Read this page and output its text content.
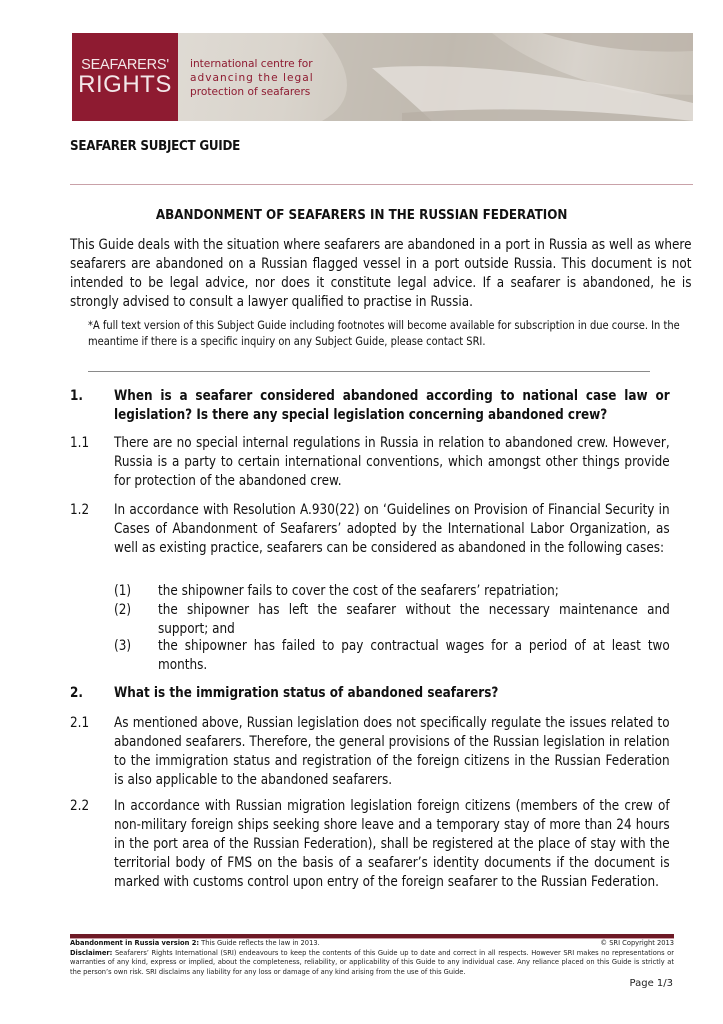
SEAFARERS'
RIGHTS
international centre for
advancing the legal
protection of seafarers
SEAFARER SUBJECT GUIDE
ABANDONMENT OF SEAFARERS IN THE RUSSIAN FEDERATION
This Guide deals with the situation where seafarers are abandoned in a port in Russia as well as where seafarers are abandoned on a Russian flagged vessel in a port outside Russia. This document is not intended to be legal advice, nor does it constitute legal advice. If a seafarer is abandoned, he is strongly advised to consult a lawyer qualified to practise in Russia.
*A full text version of this Subject Guide including footnotes will become available for subscription in due course. In the meantime if there is a specific inquiry on any Subject Guide, please contact SRI.
1. When is a seafarer considered abandoned according to national case law or legislation? Is there any special legislation concerning abandoned crew?
1.1 There are no special internal regulations in Russia in relation to abandoned crew. However, Russia is a party to certain international conventions, which amongst other things provide for protection of the abandoned crew.
1.2 In accordance with Resolution A.930(22) on ‘Guidelines on Provision of Financial Security in Cases of Abandonment of Seafarers’ adopted by the International Labor Organization, as well as existing practice, seafarers can be considered as abandoned in the following cases:
(1) the shipowner fails to cover the cost of the seafarers’ repatriation;
(2) the shipowner has left the seafarer without the necessary maintenance and support; and
(3) the shipowner has failed to pay contractual wages for a period of at least two months.
2. What is the immigration status of abandoned seafarers?
2.1 As mentioned above, Russian legislation does not specifically regulate the issues related to abandoned seafarers. Therefore, the general provisions of the Russian legislation in relation to the immigration status and registration of the foreign citizens in the Russian Federation is also applicable to the abandoned seafarers.
2.2 In accordance with Russian migration legislation foreign citizens (members of the crew of non-military foreign ships seeking shore leave and a temporary stay of more than 24 hours in the port area of the Russian Federation), shall be registered at the place of stay with the territorial body of FMS on the basis of a seafarer’s identity documents if the document is marked with customs control upon entry of the foreign seafarer to the Russian Federation.
Abandonment in Russia version 2: This Guide reflects the law in 2013.	© SRI Copyright 2013
Disclaimer: Seafarers’ Rights International (SRI) endeavours to keep the contents of this Guide up to date and correct in all respects. However SRI makes no representations or warranties of any kind, express or implied, about the completeness, reliability, or applicability of this Guide to any individual case. Any reliance placed on this Guide is strictly at the person’s own risk. SRI disclaims any liability for any loss or damage of any kind arising from the use of this Guide.
Page 1/3
